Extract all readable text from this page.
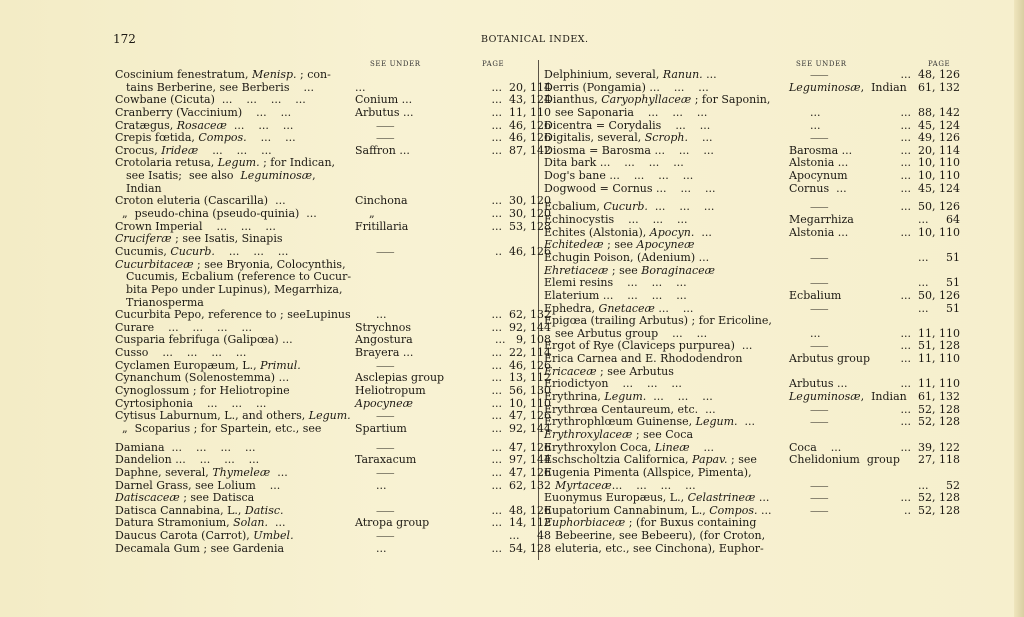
172	BOTANICAL INDEX.
SEE UNDER	PAGE	SEE UNDER	PAGE
Coscinium fenestratum, Menisp. ; con-
tains Berberine, see Berberis    ...	...	...  20, 114
Cowbane (Cicuta)  ...    ...    ...    ...	Conium ...	...  43, 124
Cranberry (Vaccinium)    ...    ...	Arbutus ...	...  11, 110
Cratægus, Rosaceæ  ...    ...    ...	⸺	...  46, 126
Crepis fœtida, Compos.    ...    ...	⸺	...  46, 126
Crocus, Irideæ    ...    ...    ...	Saffron ...	...  87, 142
Crotolaria retusa, Legum. ; for Indican,
see Isatis;  see also  Leguminosæ,
Indian
Croton eluteria (Cascarilla)  ...	Cinchona	...  30, 120
„  pseudo-china (pseudo-quinia)  ...	„	...  30, 120
Crown Imperial    ...    ...    ...	Fritillaria	...  53, 128
Cruciferæ ; see Isatis, Sinapis
Cucumis, Cucurb.    ...    ...    ...	⸺	..  46, 126
Cucurbitaceæ ; see Bryonia, Colocynthis,
Cucumis, Ecbalium (reference to Cucur-
bita Pepo under Lupinus), Megarrhiza,
Trianosperma
Cucurbita Pepo, reference to ; seeLupinus ...	...  62, 132
Curare    ...    ...    ...    ...	Strychnos	...  92, 144
Cusparia febrifuga (Galipœa) ...	Angostura	...   9, 108
Cusso    ...    ...    ...    ...	Brayera ...	...  22, 114
Cyclamen Europæum, L., Primul.	⸺	...  46, 126
Cynanchum (Solenostemma) ...	Asclepias group	...  13, 112
Cynoglossum ; for Heliotropine	Heliotropum	...  56, 130
Cyrtosiphonia    ...    ...    ...	Apocyneæ	...  10, 110
Cytisus Laburnum, L., and others, Legum. ⸺	...  47, 126
„  Scoparius ; for Spartein, etc., see	Spartium	...  92, 144
Damiana  ...    ...    ...    ...	⸺	...  47, 126
Dandelion ...    ...    ...    ...	Taraxacum	...  97, 144
Daphne, several, Thymeleæ  ...	⸺	...  47, 126
Darnel Grass, see Lolium    ...	...	...  62, 132
Datiscaceæ ; see Datisca
Datisca Cannabina, L., Datisc.	⸺	...  48, 126
Datura Stramonium, Solan.  ...	Atropa group	...  14, 112
Daucus Carota (Carrot), Umbel.	⸺	...     48
Decamala Gum ; see Gardenia	...	...  54, 128
Delphinium, several, Ranun. ...	⸺	...  48, 126
Derris (Pongamia) ...    ...    ...	Leguminosæ,  Indian	61, 132
Dianthus, Caryophyllaceæ ; for Saponin,
see Saponaria    ...    ...    ...	...	...  88, 142
Dicentra = Corydalis    ...    ...	...	...  45, 124
Digitalis, several, Scroph.    ...	⸺	...  49, 126
Diosma = Barosma ...    ...    ...	Barosma ...	...  20, 114
Dita bark ...    ...    ...    ...	Alstonia ...	...  10, 110
Dog's bane ...    ...    ...    ...	Apocynum	...  10, 110
Dogwood = Cornus ...    ...    ...	Cornus  ...	...  45, 124
Ecbalium, Cucurb.  ...    ...    ...	⸺	...  50, 126
Echinocystis    ...    ...    ...	Megarrhiza	...     64
Echites (Alstonia), Apocyn.  ...	Alstonia ...	...  10, 110
Echitedeæ ; see Apocyneæ
Echugin Poison, (Adenium) ...	⸺	...     51
Ehretiaceæ ; see Boraginaceæ
Elemi resins    ...    ...    ...	⸺	...     51
Elaterium ...    ...    ...    ...	Ecbalium	...  50, 126
Ephedra, Gnetaceæ ...    ...	⸺	...     51
Epigœa (trailing Arbutus) ; for Ericoline,
see Arbutus group    ...    ...	...	...  11, 110
Ergot of Rye (Claviceps purpurea)  ...	⸺	...  51, 128
Erica Carnea and E. Rhododendron	Arbutus group	...  11, 110
Ericaceæ ; see Arbutus
Eriodictyon    ...    ...    ...	Arbutus ...	...  11, 110
Erythrina, Legum.  ...    ...    ...	Leguminosæ,  Indian	61, 132
Erythrœa Centaureum, etc.  ...	⸺	...  52, 128
Erythrophlœum Guinense, Legum.  ...	⸺	...  52, 128
Erythroxylaceæ ; see Coca
Erythroxylon Coca, Lineæ    ...	Coca    ...	...  39, 122
Eschscholtzia Californica, Papav. ; see	Chelidonium  group	27, 118
Eugenia Pimenta (Allspice, Pimenta),
Myrtaceæ...    ...    ...    ...	⸺	...     52
Euonymus Europæus, L., Celastrineæ ... ⸺	...  52, 128
Eupatorium Cannabinum, L., Compos. ... ⸺	..  52, 128
Euphorbiaceæ ; (for Buxus containing
Bebeerine, see Bebeeru), (for Croton,
eluteria, etc., see Cinchona), Euphor-
